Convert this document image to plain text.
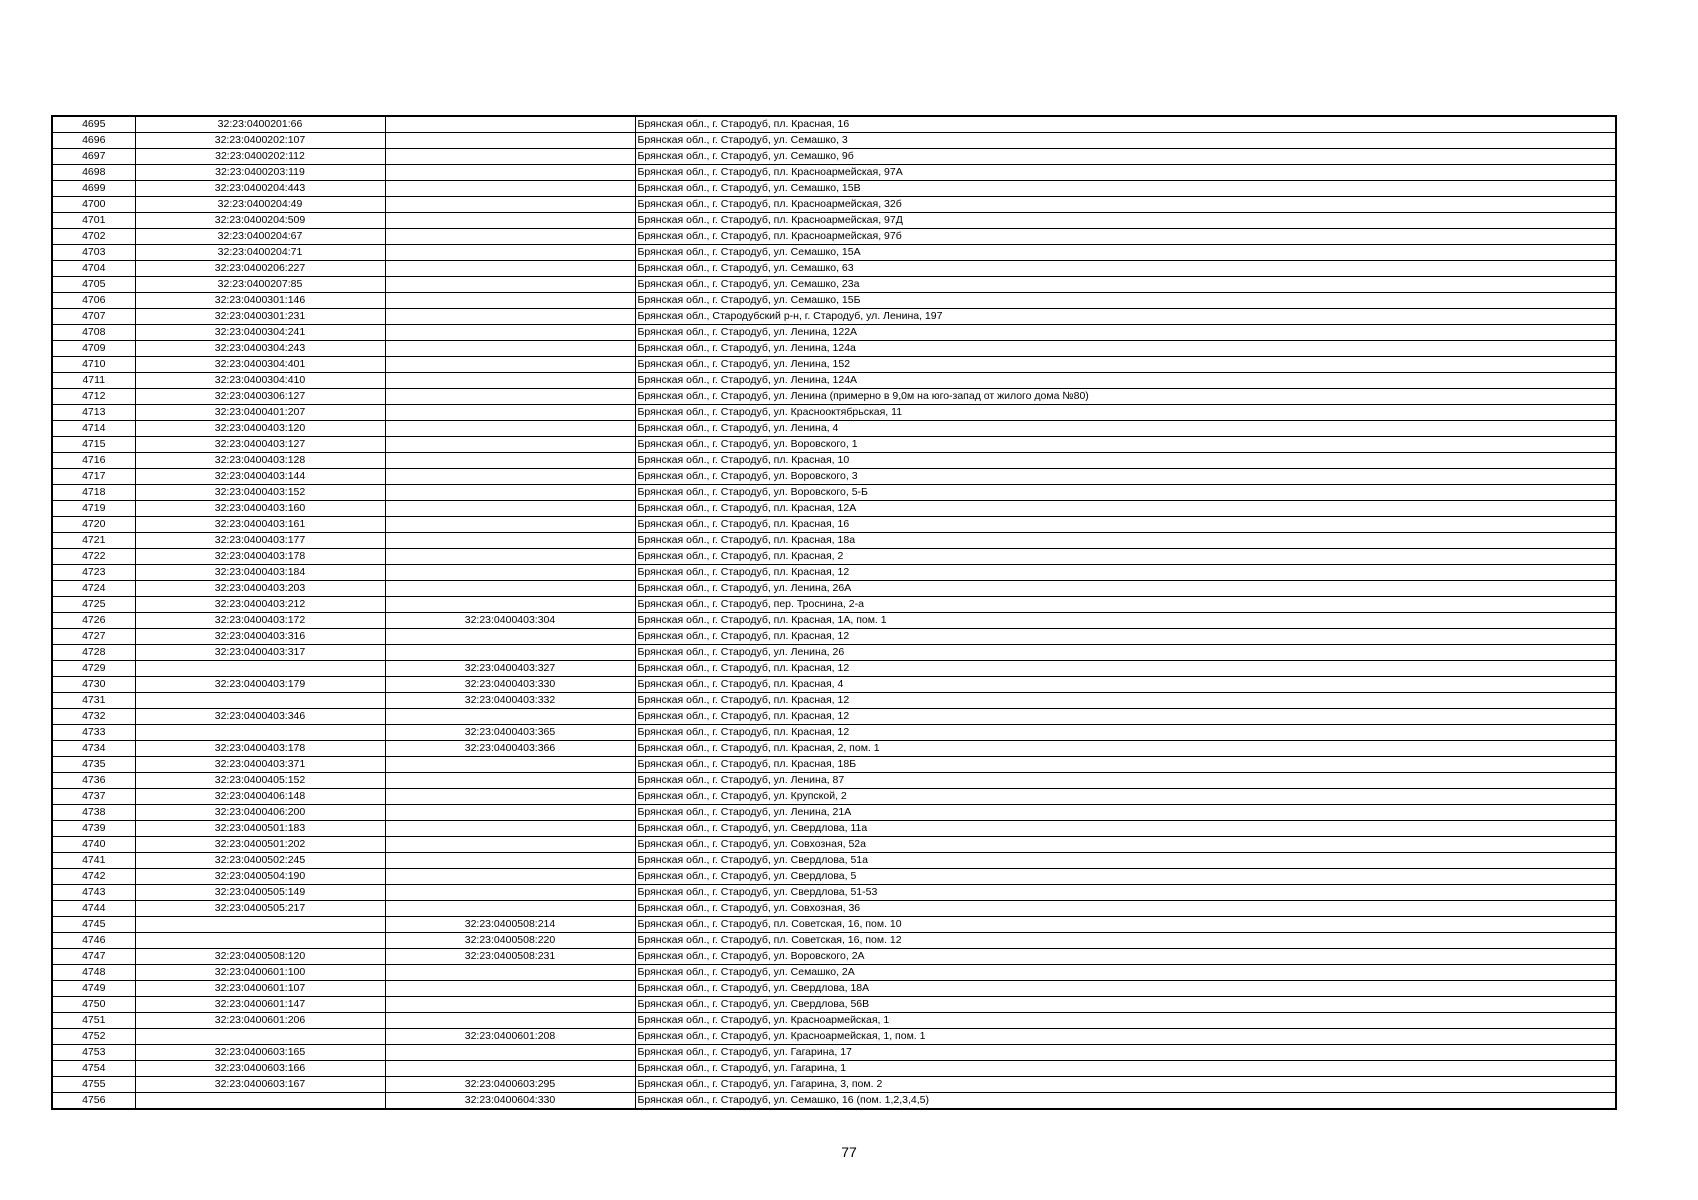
4695	32:23:0400201:66		Брянская обл., г. Стародуб, пл. Красная, 16
4696	32:23:0400202:107		Брянская обл., г. Стародуб, ул. Семашко, 3
4697	32:23:0400202:112		Брянская обл., г. Стародуб, ул. Семашко, 9б
4698	32:23:0400203:119		Брянская обл., г. Стародуб, пл. Красноармейская, 97А
4699	32:23:0400204:443		Брянская обл., г. Стародуб, ул. Семашко, 15В
4700	32:23:0400204:49		Брянская обл., г. Стародуб, пл. Красноармейская, 32б
4701	32:23:0400204:509		Брянская обл., г. Стародуб, пл. Красноармейская, 97Д
4702	32:23:0400204:67		Брянская обл., г. Стародуб, пл. Красноармейская, 97б
4703	32:23:0400204:71		Брянская обл., г. Стародуб, ул. Семашко, 15А
4704	32:23:0400206:227		Брянская обл., г. Стародуб, ул. Семашко, 63
4705	32:23:0400207:85		Брянская обл., г. Стародуб, ул. Семашко, 23а
4706	32:23:0400301:146		Брянская обл., г. Стародуб, ул. Семашко, 15Б
4707	32:23:0400301:231		Брянская обл., Стародубский р-н, г. Стародуб, ул. Ленина, 197
4708	32:23:0400304:241		Брянская обл., г. Стародуб, ул. Ленина, 122А
4709	32:23:0400304:243		Брянская обл., г. Стародуб, ул. Ленина, 124а
4710	32:23:0400304:401		Брянская обл., г. Стародуб, ул. Ленина, 152
4711	32:23:0400304:410		Брянская обл., г. Стародуб, ул. Ленина, 124А
4712	32:23:0400306:127		Брянская обл., г. Стародуб, ул. Ленина (примерно в 9,0м на юго-запад от жилого дома №80)
4713	32:23:0400401:207		Брянская обл., г. Стародуб, ул. Краснооктябрьская, 11
4714	32:23:0400403:120		Брянская обл., г. Стародуб, ул. Ленина, 4
4715	32:23:0400403:127		Брянская обл., г. Стародуб, ул. Воровского, 1
4716	32:23:0400403:128		Брянская обл., г. Стародуб, пл. Красная, 10
4717	32:23:0400403:144		Брянская обл., г. Стародуб, ул. Воровского, 3
4718	32:23:0400403:152		Брянская обл., г. Стародуб, ул. Воровского, 5-Б
4719	32:23:0400403:160		Брянская обл., г. Стародуб, пл. Красная, 12А
4720	32:23:0400403:161		Брянская обл., г. Стародуб, пл. Красная, 16
4721	32:23:0400403:177		Брянская обл., г. Стародуб, пл. Красная, 18а
4722	32:23:0400403:178		Брянская обл., г. Стародуб, пл. Красная, 2
4723	32:23:0400403:184		Брянская обл., г. Стародуб, пл. Красная, 12
4724	32:23:0400403:203		Брянская обл., г. Стародуб, ул. Ленина, 26А
4725	32:23:0400403:212		Брянская обл., г. Стародуб, пер. Троснина, 2-а
4726	32:23:0400403:172	32:23:0400403:304	Брянская обл., г. Стародуб, пл. Красная, 1А, пом. 1
4727	32:23:0400403:316		Брянская обл., г. Стародуб, пл. Красная, 12
4728	32:23:0400403:317		Брянская обл., г. Стародуб, ул. Ленина, 26
4729		32:23:0400403:327	Брянская обл., г. Стародуб, пл. Красная, 12
4730	32:23:0400403:179	32:23:0400403:330	Брянская обл., г. Стародуб, пл. Красная, 4
4731		32:23:0400403:332	Брянская обл., г. Стародуб, пл. Красная, 12
4732	32:23:0400403:346		Брянская обл., г. Стародуб, пл. Красная, 12
4733		32:23:0400403:365	Брянская обл., г. Стародуб, пл. Красная, 12
4734	32:23:0400403:178	32:23:0400403:366	Брянская обл., г. Стародуб, пл. Красная, 2, пом. 1
4735	32:23:0400403:371		Брянская обл., г. Стародуб, пл. Красная, 18Б
4736	32:23:0400405:152		Брянская обл., г. Стародуб, ул. Ленина, 87
4737	32:23:0400406:148		Брянская обл., г. Стародуб, ул. Крупской, 2
4738	32:23:0400406:200		Брянская обл., г. Стародуб, ул. Ленина, 21А
4739	32:23:0400501:183		Брянская обл., г. Стародуб, ул. Свердлова, 11а
4740	32:23:0400501:202		Брянская обл., г. Стародуб, ул. Совхозная, 52а
4741	32:23:0400502:245		Брянская обл., г. Стародуб, ул. Свердлова, 51а
4742	32:23:0400504:190		Брянская обл., г. Стародуб, ул. Свердлова, 5
4743	32:23:0400505:149		Брянская обл., г. Стародуб, ул. Свердлова, 51-53
4744	32:23:0400505:217		Брянская обл., г. Стародуб, ул. Совхозная, 36
4745		32:23:0400508:214	Брянская обл., г. Стародуб, пл. Советская, 16, пом. 10
4746		32:23:0400508:220	Брянская обл., г. Стародуб, пл. Советская, 16, пом. 12
4747	32:23:0400508:120	32:23:0400508:231	Брянская обл., г. Стародуб, ул. Воровского, 2А
4748	32:23:0400601:100		Брянская обл., г. Стародуб, ул. Семашко, 2А
4749	32:23:0400601:107		Брянская обл., г. Стародуб, ул. Свердлова, 18А
4750	32:23:0400601:147		Брянская обл., г. Стародуб, ул. Свердлова, 56В
4751	32:23:0400601:206		Брянская обл., г. Стародуб, ул. Красноармейская, 1
4752		32:23:0400601:208	Брянская обл., г. Стародуб, ул. Красноармейская, 1, пом. 1
4753	32:23:0400603:165		Брянская обл., г. Стародуб, ул. Гагарина, 17
4754	32:23:0400603:166		Брянская обл., г. Стародуб, ул. Гагарина, 1
4755	32:23:0400603:167	32:23:0400603:295	Брянская обл., г. Стародуб, ул. Гагарина, 3, пом. 2
4756		32:23:0400604:330	Брянская обл., г. Стародуб, ул. Семашко, 16 (пом. 1,2,3,4,5)
77
